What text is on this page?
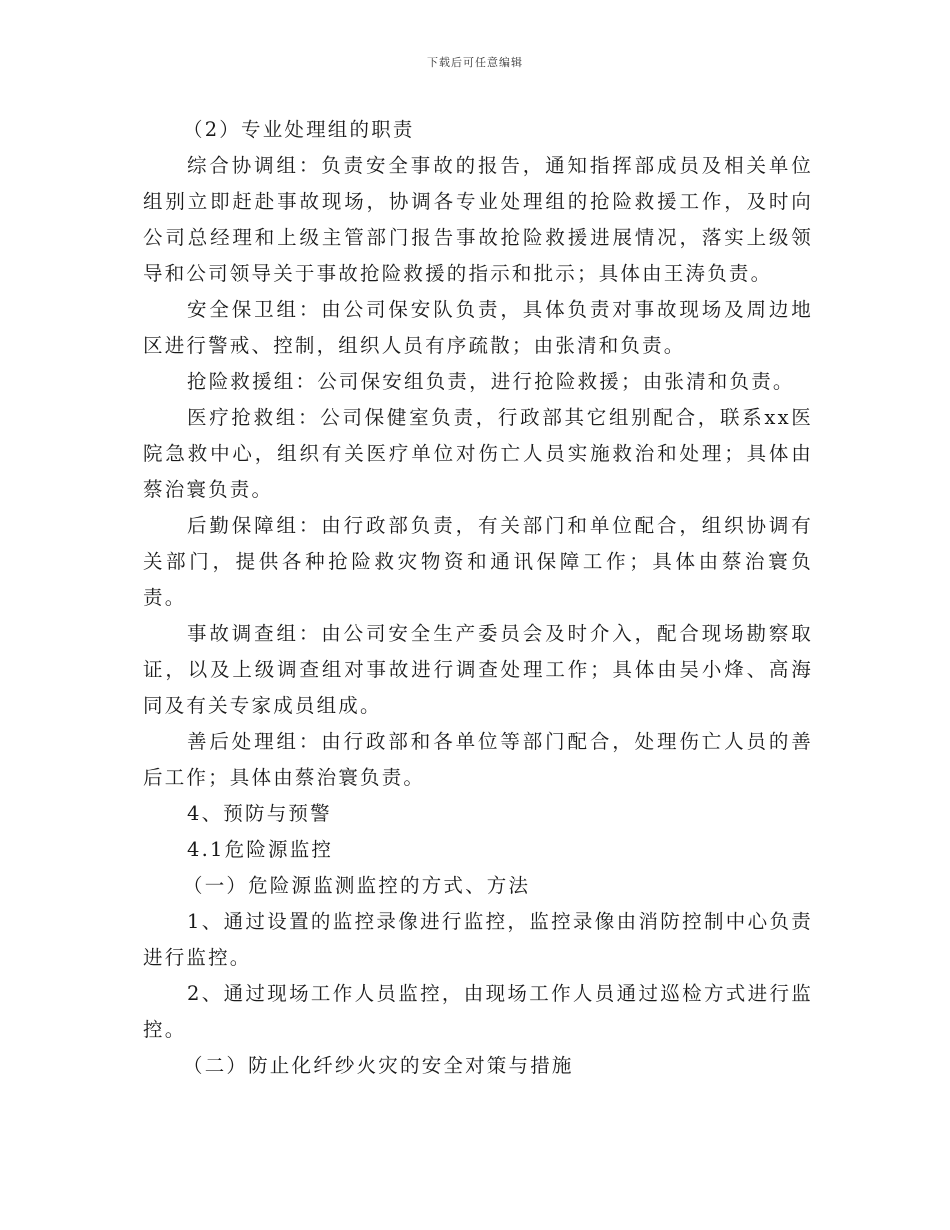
下载后可任意编辑

（2）专业处理组的职责

综合协调组：负责安全事故的报告，通知指挥部成员及相关单位组别立即赶赴事故现场，协调各专业处理组的抢险救援工作，及时向公司总经理和上级主管部门报告事故抢险救援进展情况，落实上级领导和公司领导关于事故抢险救援的指示和批示；具体由王涛负责。

安全保卫组：由公司保安队负责，具体负责对事故现场及周边地区进行警戒、控制，组织人员有序疏散；由张清和负责。

抢险救援组：公司保安组负责，进行抢险救援；由张清和负责。

医疗抢救组：公司保健室负责，行政部其它组别配合，联系xx医院急救中心，组织有关医疗单位对伤亡人员实施救治和处理；具体由蔡治寰负责。

后勤保障组：由行政部负责，有关部门和单位配合，组织协调有关部门，提供各种抢险救灾物资和通讯保障工作；具体由蔡治寰负责。

事故调查组：由公司安全生产委员会及时介入，配合现场勘察取证，以及上级调查组对事故进行调查处理工作；具体由吴小烽、高海同及有关专家成员组成。

善后处理组：由行政部和各单位等部门配合，处理伤亡人员的善后工作；具体由蔡治寰负责。

4、预防与预警

4.1危险源监控

（一）危险源监测监控的方式、方法

1、通过设置的监控录像进行监控，监控录像由消防控制中心负责进行监控。

2、通过现场工作人员监控，由现场工作人员通过巡检方式进行监控。

（二）防止化纤纱火灾的安全对策与措施
